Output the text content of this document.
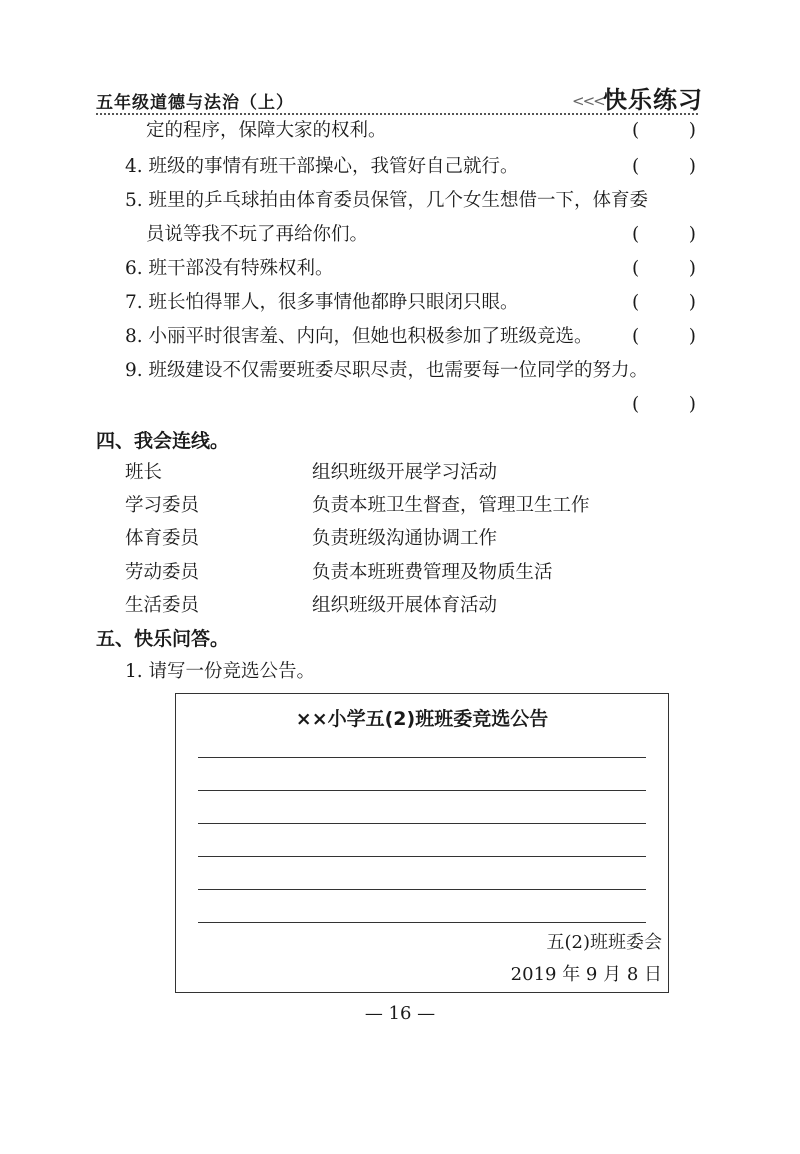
五年级道德与法治（上）	<<< 快乐练习
定的程序，保障大家的权利。	(	)
4. 班级的事情有班干部操心，我管好自己就行。	(	)
5. 班里的乒乓球拍由体育委员保管，几个女生想借一下，体育委
员说等我不玩了再给你们。	(	)
6. 班干部没有特殊权利。	(	)
7. 班长怕得罪人，很多事情他都睁只眼闭只眼。	(	)
8. 小丽平时很害羞、内向，但她也积极参加了班级竞选。 (	)
9. 班级建设不仅需要班委尽职尽责，也需要每一位同学的努力。
(	)
四、我会连线。
班长	组织班级开展学习活动
学习委员	负责本班卫生督查，管理卫生工作
体育委员	负责班级沟通协调工作
劳动委员	负责本班班费管理及物质生活
生活委员	组织班级开展体育活动
五、快乐问答。
1. 请写一份竞选公告。
××小学五(2)班班委竞选公告
五(2)班班委会
2019 年 9 月 8 日
— 16 —
